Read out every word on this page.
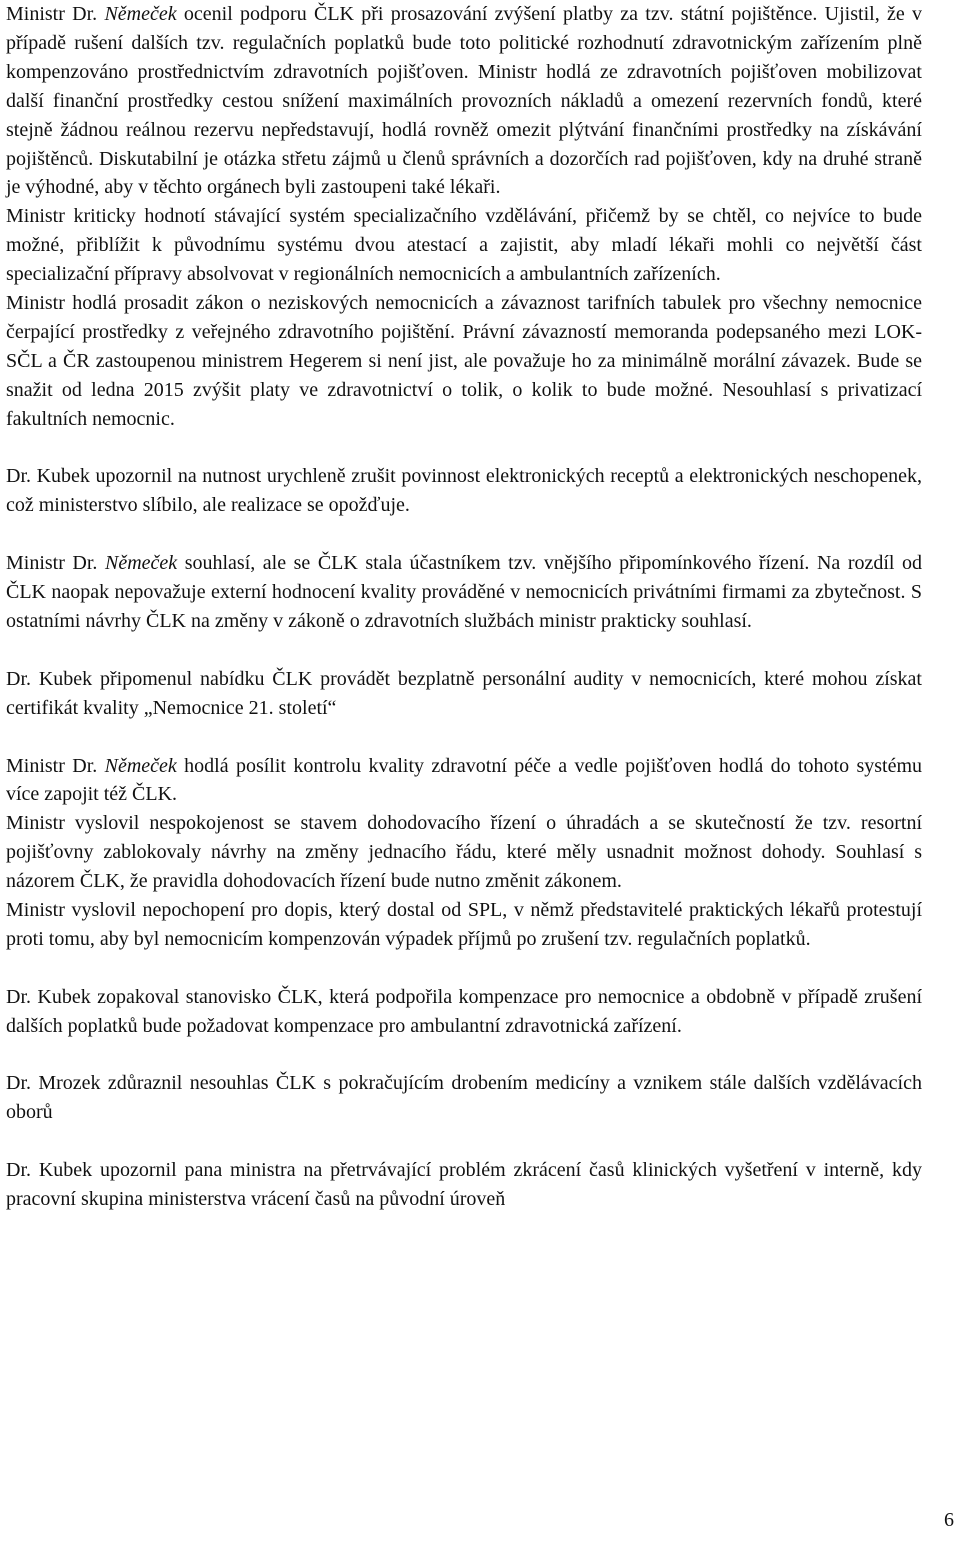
Ministr Dr. Němeček ocenil podporu ČLK při prosazování zvýšení platby za tzv. státní pojištěnce. Ujistil, že v případě rušení dalších tzv. regulačních poplatků bude toto politické rozhodnutí zdravotnickým zařízením plně kompenzováno prostřednictvím zdravotních pojišťoven. Ministr hodlá ze zdravotních pojišťoven mobilizovat další finanční prostředky cestou snížení maximálních provozních nákladů a omezení rezervních fondů, které stejně žádnou reálnou rezervu nepředstavují, hodlá rovněž omezit plýtvání finančními prostředky na získávání pojištěnců. Diskutabilní je otázka střetu zájmů u členů správních a dozorčích rad pojišťoven, kdy na druhé straně je výhodné, aby v těchto orgánech byli zastoupeni také lékaři.

Ministr kriticky hodnotí stávající systém specializačního vzdělávání, přičemž by se chtěl, co nejvíce to bude možné, přiblížit k původnímu systému dvou atestací a zajistit, aby mladí lékaři mohli co největší část specializační přípravy absolvovat v regionálních nemocnicích a ambulantních zařízeních.

Ministr hodlá prosadit zákon o neziskových nemocnicích a závaznost tarifních tabulek pro všechny nemocnice čerpající prostředky z veřejného zdravotního pojištění. Právní závazností memoranda podepsaného mezi LOK-SČL a ČR zastoupenou ministrem Hegerem si není jist, ale považuje ho za minimálně morální závazek. Bude se snažit od ledna 2015 zvýšit platy ve zdravotnictví o tolik, o kolik to bude možné. Nesouhlasí s privatizací fakultních nemocnic.

Dr. Kubek upozornil na nutnost urychleně zrušit povinnost elektronických receptů a elektronických neschopenek, což ministerstvo slíbilo, ale realizace se opožďuje.

Ministr Dr. Němeček souhlasí, ale se ČLK stala účastníkem tzv. vnějšího připomínkového řízení. Na rozdíl od ČLK naopak nepovažuje externí hodnocení kvality prováděné v nemocnicích privátními firmami za zbytečnost. S ostatními návrhy ČLK na změny v zákoně o zdravotních službách ministr prakticky souhlasí.

Dr. Kubek připomenul nabídku ČLK provádět bezplatně personální audity v nemocnicích, které mohou získat certifikát kvality „Nemocnice 21. století“

Ministr Dr. Němeček hodlá posílit kontrolu kvality zdravotní péče a vedle pojišťoven hodlá do tohoto systému více zapojit též ČLK.

Ministr vyslovil nespokojenost se stavem dohodovacího řízení o úhradách a se skutečností že tzv. resortní pojišťovny zablokovaly návrhy na změny jednacího řádu, které měly usnadnit možnost dohody. Souhlasí s názorem ČLK, že pravidla dohodovacích řízení bude nutno změnit zákonem.

Ministr vyslovil nepochopení pro dopis, který dostal od SPL, v němž představitelé praktických lékařů protestují proti tomu, aby byl nemocnicím kompenzován výpadek příjmů po zrušení tzv. regulačních poplatků.

Dr. Kubek zopakoval stanovisko ČLK, která podpořila kompenzace pro nemocnice a obdobně v případě zrušení dalších poplatků bude požadovat kompenzace pro ambulantní zdravotnická zařízení.

Dr. Mrozek zdůraznil nesouhlas ČLK s pokračujícím drobením medicíny a vznikem stále dalších vzdělávacích oborů

Dr. Kubek upozornil pana ministra na přetrvávající problém zkrácení časů klinických vyšetření v interně, kdy pracovní skupina ministerstva vrácení časů na původní úroveň

6
